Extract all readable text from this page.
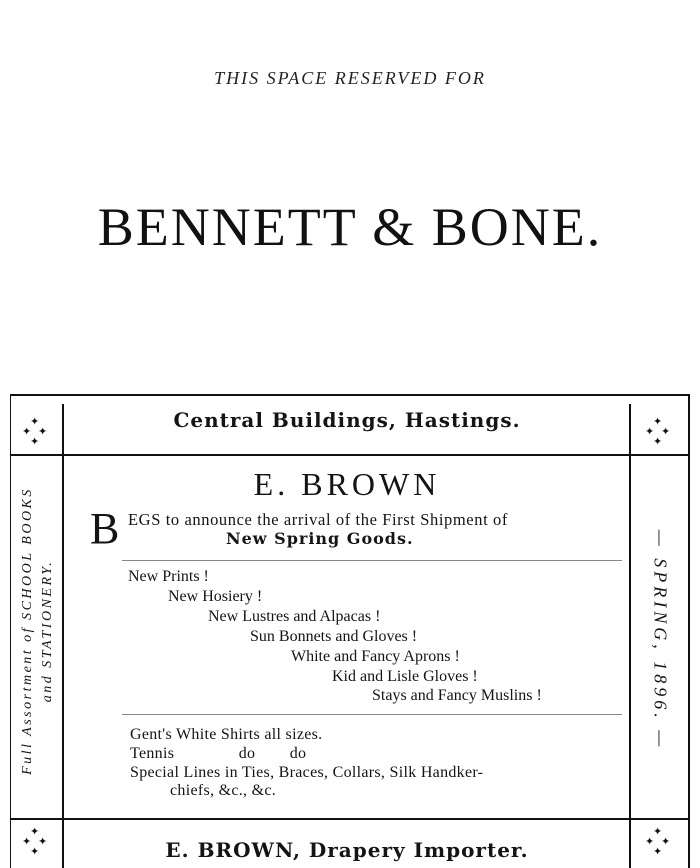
THIS SPACE RESERVED FOR
BENNETT & BONE.
✦
✦ ✦
✦
✦
✦ ✦
✦
✦
✦ ✦
✦
✦
✦ ✦
✦
Central Buildings, Hastings.
E. BROWN
B EGS to announce the arrival of the First Shipment of
New Spring Goods.
New Prints !
New Hosiery !
New Lustres and Alpacas !
Sun Bonnets and Gloves !
White and Fancy Aprons !
Kid and Lisle Gloves !
Stays and Fancy Muslins !
Gent's White Shirts all sizes.
Tennis               do        do
Special Lines in Ties, Braces, Collars, Silk Handker-
chiefs, &c., &c.
Full Assortment of SCHOOL BOOKS and STATIONERY.	— SPRING, 1896. —
E. BROWN, Drapery Importer.
